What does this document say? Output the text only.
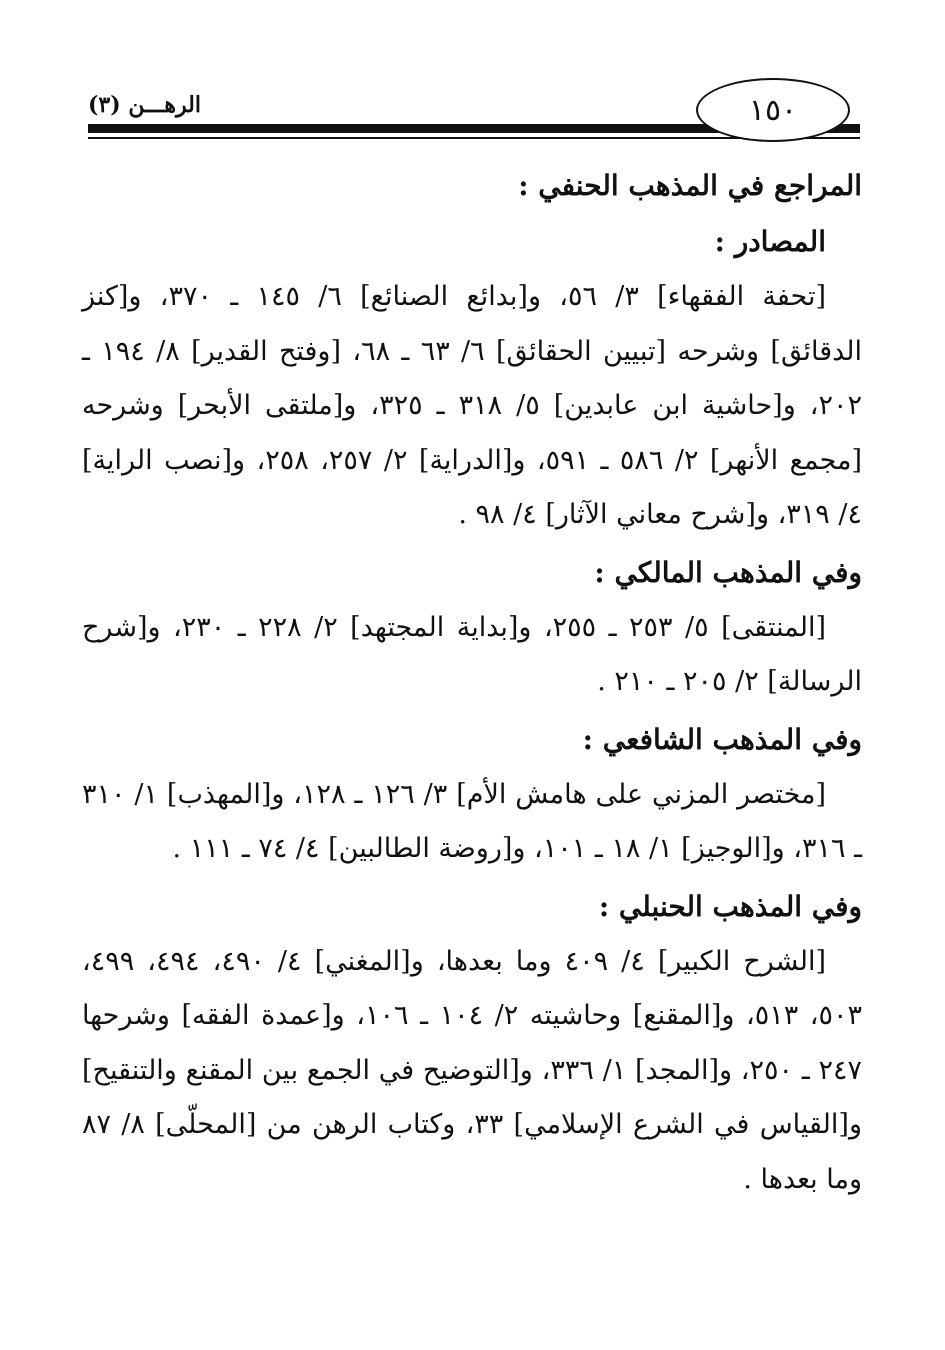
١٥٠
(٣) الرهـــن

المراجع في المذهب الحنفي :

المصادر :

[تحفة الفقهاء] ٣/ ٥٦، و[بدائع الصنائع] ٦/ ١٤٥ ـ ٣٧٠، و[كنز الدقائق] وشرحه [تبيين الحقائق] ٦/ ٦٣ ـ ٦٨، [وفتح القدير] ٨/ ١٩٤ ـ ٢٠٢، و[حاشية ابن عابدين] ٥/ ٣١٨ ـ ٣٢٥، و[ملتقى الأبحر] وشرحه [مجمع الأنهر] ٢/ ٥٨٦ ـ ٥٩١، و[الدراية] ٢/ ٢٥٧، ٢٥٨، و[نصب الراية] ٤/ ٣١٩، و[شرح معاني الآثار] ٤/ ٩٨ .

وفي المذهب المالكي :

[المنتقى] ٥/ ٢٥٣ ـ ٢٥٥، و[بداية المجتهد] ٢/ ٢٢٨ ـ ٢٣٠، و[شرح الرسالة] ٢/ ٢٠٥ ـ ٢١٠ .

وفي المذهب الشافعي :

[مختصر المزني على هامش الأم] ٣/ ١٢٦ ـ ١٢٨، و[المهذب] ١/ ٣١٠ ـ ٣١٦، و[الوجيز] ١/ ١٨ ـ ١٠١، و[روضة الطالبين] ٤/ ٧٤ ـ ١١١ .

وفي المذهب الحنبلي :

[الشرح الكبير] ٤/ ٤٠٩ وما بعدها، و[المغني] ٤/ ٤٩٠، ٤٩٤، ٤٩٩، ٥٠٣، ٥١٣، و[المقنع] وحاشيته ٢/ ١٠٤ ـ ١٠٦، و[عمدة الفقه] وشرحها ٢٤٧ ـ ٢٥٠، و[المجد] ١/ ٣٣٦، و[التوضيح في الجمع بين المقنع والتنقيح] و[القياس في الشرع الإسلامي] ٣٣، وكتاب الرهن من [المحلّى] ٨/ ٨٧ وما بعدها .
